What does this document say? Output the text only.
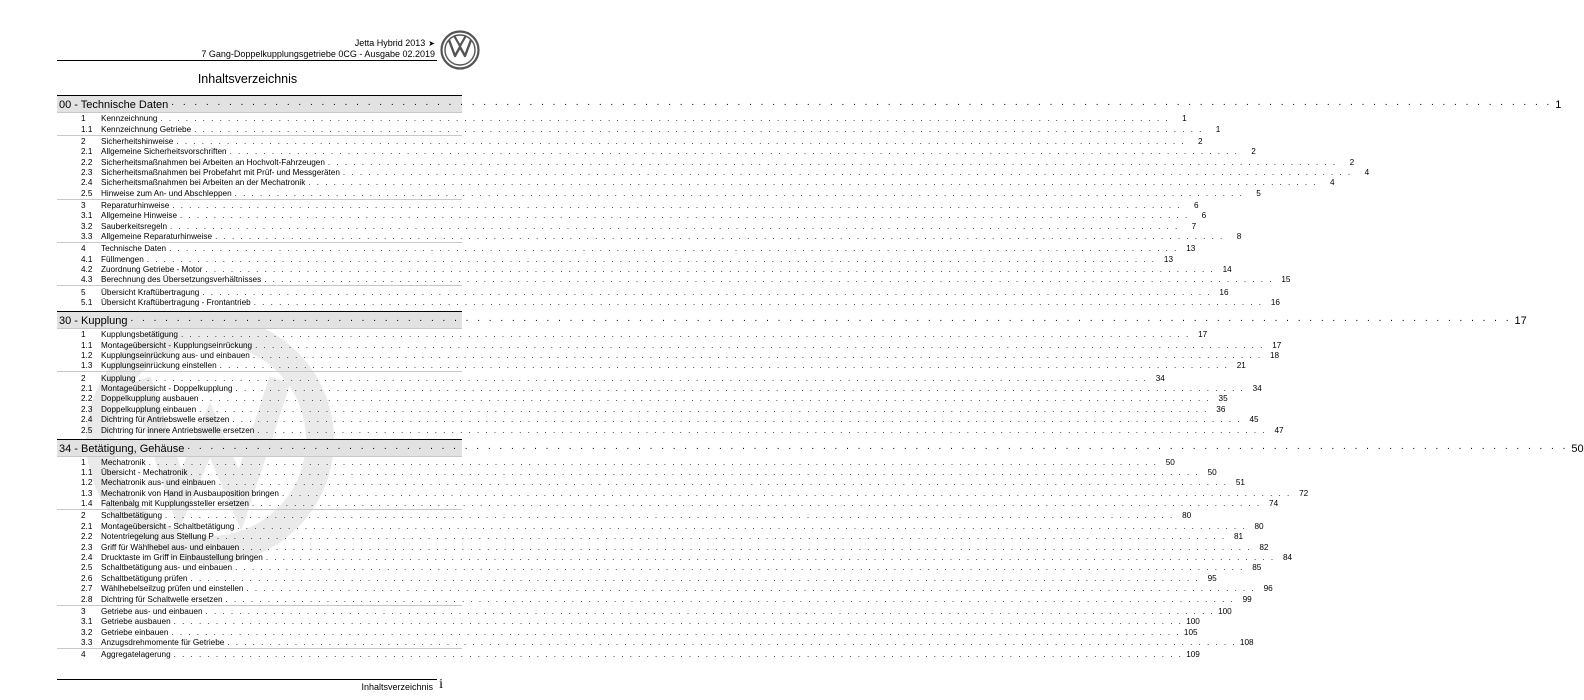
Jetta Hybrid 2013 ➤
7 Gang-Doppelkupplungsgetriebe 0CG - Ausgabe 02.2019
Inhaltsverzeichnis
00 - Technische Daten . . . . . . . . . . . . . . . . . . . . . . . . . . . . . . . . . . . . . . . . . . . . . . . . . . . . . . . . . . . . . . . . . . . . . . . . . . . . . . . . . . . . . . . . . . . . . . . . . . . . . . . . . . . . . . . . . . . . . . . . 1
1	Kennzeichnung . . . . . . . . . . . . . . . . . . . . . . . . . . . . . . . . . . . . . . . . . . . . . . . . . . . . . . . . . . . . . . . . . . . . . . . . . . . . . . . . . . . . . . . . . . . . . . . . . . . . . . . . . . . . . . . . . . . . . . . .	1
1.1	Kennzeichnung Getriebe . . . . . . . . . . . . . . . . . . . . . . . . . . . . . . . . . . . . . . . . . . . . . . . . . . . . . . . . . . . . . . . . . . . . . . . . . . . . . . . . . . . . . . . . . . . . . . . . . . . . . . . . . . . . . . . . . . . . . . . .	1
2	Sicherheitshinweise . . . . . . . . . . . . . . . . . . . . . . . . . . . . . . . . . . . . . . . . . . . . . . . . . . . . . . . . . . . . . . . . . . . . . . . . . . . . . . . . . . . . . . . . . . . . . . . . . . . . . . . . . . . . . . . . . . . . . . . .	2
2.1	Allgemeine Sicherheitsvorschriften . . . . . . . . . . . . . . . . . . . . . . . . . . . . . . . . . . . . . . . . . . . . . . . . . . . . . . . . . . . . . . . . . . . . . . . . . . . . . . . . . . . . . . . . . . . . . . . . . . . . . . . . . . . . . . . . . . . . . . . .	2
2.2	Sicherheitsmaßnahmen bei Arbeiten an Hochvolt-Fahrzeugen . . . . . . . . . . . . . . . . . . . . . . . . . . . . . . . . . . . . . . . . . . . . . . . . . . . . . . . . . . . . . . . . . . . . . . . . . . . . . . . . . . . . . . . . . . . . . . . . . . . . . . . . . . . . . . . . . . . . . . . .	2
2.3	Sicherheitsmaßnahmen bei Probefahrt mit Prüf- und Messgeräten . . . . . . . . . . . . . . . . . . . . . . . . . . . . . . . . . . . . . . . . . . . . . . . . . . . . . . . . . . . . . . . . . . . . . . . . . . . . . . . . . . . . . . . . . . . . . . . . . . . . . . . . . . . . . . . . . . . . . . . .	4
2.4	Sicherheitsmaßnahmen bei Arbeiten an der Mechatronik . . . . . . . . . . . . . . . . . . . . . . . . . . . . . . . . . . . . . . . . . . . . . . . . . . . . . . . . . . . . . . . . . . . . . . . . . . . . . . . . . . . . . . . . . . . . . . . . . . . . . . . . . . . . . . . . . . . . . . . .	4
2.5	Hinweise zum An- und Abschleppen . . . . . . . . . . . . . . . . . . . . . . . . . . . . . . . . . . . . . . . . . . . . . . . . . . . . . . . . . . . . . . . . . . . . . . . . . . . . . . . . . . . . . . . . . . . . . . . . . . . . . . . . . . . . . . . . . . . . . . . .	5
3	Reparaturhinweise . . . . . . . . . . . . . . . . . . . . . . . . . . . . . . . . . . . . . . . . . . . . . . . . . . . . . . . . . . . . . . . . . . . . . . . . . . . . . . . . . . . . . . . . . . . . . . . . . . . . . . . . . . . . . . . . . . . . . . . .	6
3.1	Allgemeine Hinweise . . . . . . . . . . . . . . . . . . . . . . . . . . . . . . . . . . . . . . . . . . . . . . . . . . . . . . . . . . . . . . . . . . . . . . . . . . . . . . . . . . . . . . . . . . . . . . . . . . . . . . . . . . . . . . . . . . . . . . . .	6
3.2	Sauberkeitsregeln . . . . . . . . . . . . . . . . . . . . . . . . . . . . . . . . . . . . . . . . . . . . . . . . . . . . . . . . . . . . . . . . . . . . . . . . . . . . . . . . . . . . . . . . . . . . . . . . . . . . . . . . . . . . . . . . . . . . . . . .	7
3.3	Allgemeine Reparaturhinweise . . . . . . . . . . . . . . . . . . . . . . . . . . . . . . . . . . . . . . . . . . . . . . . . . . . . . . . . . . . . . . . . . . . . . . . . . . . . . . . . . . . . . . . . . . . . . . . . . . . . . . . . . . . . . . . . . . . . . . . .	8
4	Technische Daten . . . . . . . . . . . . . . . . . . . . . . . . . . . . . . . . . . . . . . . . . . . . . . . . . . . . . . . . . . . . . . . . . . . . . . . . . . . . . . . . . . . . . . . . . . . . . . . . . . . . . . . . . . . . . . . . . . . . . . . . 13
4.1	Füllmengen . . . . . . . . . . . . . . . . . . . . . . . . . . . . . . . . . . . . . . . . . . . . . . . . . . . . . . . . . . . . . . . . . . . . . . . . . . . . . . . . . . . . . . . . . . . . . . . . . . . . . . . . . . . . . . . . . . . . . . . . 13
4.2	Zuordnung Getriebe - Motor . . . . . . . . . . . . . . . . . . . . . . . . . . . . . . . . . . . . . . . . . . . . . . . . . . . . . . . . . . . . . . . . . . . . . . . . . . . . . . . . . . . . . . . . . . . . . . . . . . . . . . . . . . . . . . . . . . . . . . . . 14
4.3	Berechnung des Übersetzungsverhältnisses . . . . . . . . . . . . . . . . . . . . . . . . . . . . . . . . . . . . . . . . . . . . . . . . . . . . . . . . . . . . . . . . . . . . . . . . . . . . . . . . . . . . . . . . . . . . . . . . . . . . . . . . . . . . . . . . . . . . . . . . 15
5	Übersicht Kraftübertragung . . . . . . . . . . . . . . . . . . . . . . . . . . . . . . . . . . . . . . . . . . . . . . . . . . . . . . . . . . . . . . . . . . . . . . . . . . . . . . . . . . . . . . . . . . . . . . . . . . . . . . . . . . . . . . . . . . . . . . . . 16
5.1	Übersicht Kraftübertragung - Frontantrieb . . . . . . . . . . . . . . . . . . . . . . . . . . . . . . . . . . . . . . . . . . . . . . . . . . . . . . . . . . . . . . . . . . . . . . . . . . . . . . . . . . . . . . . . . . . . . . . . . . . . . . . . . . . . . . . . . . . . . . . . 16
30 - Kupplung . . . . . . . . . . . . . . . . . . . . . . . . . . . . . . . . . . . . . . . . . . . . . . . . . . . . . . . . . . . . . . . . . . . . . . . . . . . . . . . . . . . . . . . . . . . . . . . . . . . . . . . . . . . . . . . . . . . . . . . . 17
1	Kupplungsbetätigung . . . . . . . . . . . . . . . . . . . . . . . . . . . . . . . . . . . . . . . . . . . . . . . . . . . . . . . . . . . . . . . . . . . . . . . . . . . . . . . . . . . . . . . . . . . . . . . . . . . . . . . . . . . . . . . . . . . . . . . . 17
1.1	Montageübersicht - Kupplungseinrückung . . . . . . . . . . . . . . . . . . . . . . . . . . . . . . . . . . . . . . . . . . . . . . . . . . . . . . . . . . . . . . . . . . . . . . . . . . . . . . . . . . . . . . . . . . . . . . . . . . . . . . . . . . . . . . . . . . . . . . . . 17
1.2	Kupplungseinrückung aus- und einbauen . . . . . . . . . . . . . . . . . . . . . . . . . . . . . . . . . . . . . . . . . . . . . . . . . . . . . . . . . . . . . . . . . . . . . . . . . . . . . . . . . . . . . . . . . . . . . . . . . . . . . . . . . . . . . . . . . . . . . . . . 18
1.3	Kupplungseinrückung einstellen . . . . . . . . . . . . . . . . . . . . . . . . . . . . . . . . . . . . . . . . . . . . . . . . . . . . . . . . . . . . . . . . . . . . . . . . . . . . . . . . . . . . . . . . . . . . . . . . . . . . . . . . . . . . . . . . . . . . . . . . 21
2	Kupplung . . . . . . . . . . . . . . . . . . . . . . . . . . . . . . . . . . . . . . . . . . . . . . . . . . . . . . . . . . . . . . . . . . . . . . . . . . . . . . . . . . . . . . . . . . . . . . . . . . . . . . . . . . . . . . . . . . . . . . . . 34
2.1	Montageübersicht - Doppelkupplung . . . . . . . . . . . . . . . . . . . . . . . . . . . . . . . . . . . . . . . . . . . . . . . . . . . . . . . . . . . . . . . . . . . . . . . . . . . . . . . . . . . . . . . . . . . . . . . . . . . . . . . . . . . . . . . . . . . . . . . . 34
2.2	Doppelkupplung ausbauen . . . . . . . . . . . . . . . . . . . . . . . . . . . . . . . . . . . . . . . . . . . . . . . . . . . . . . . . . . . . . . . . . . . . . . . . . . . . . . . . . . . . . . . . . . . . . . . . . . . . . . . . . . . . . . . . . . . . . . . . 35
2.3	Doppelkupplung einbauen . . . . . . . . . . . . . . . . . . . . . . . . . . . . . . . . . . . . . . . . . . . . . . . . . . . . . . . . . . . . . . . . . . . . . . . . . . . . . . . . . . . . . . . . . . . . . . . . . . . . . . . . . . . . . . . . . . . . . . . . 36
2.4	Dichtring für Antriebswelle ersetzen . . . . . . . . . . . . . . . . . . . . . . . . . . . . . . . . . . . . . . . . . . . . . . . . . . . . . . . . . . . . . . . . . . . . . . . . . . . . . . . . . . . . . . . . . . . . . . . . . . . . . . . . . . . . . . . . . . . . . . . . 45
2.5	Dichtring für innere Antriebswelle ersetzen . . . . . . . . . . . . . . . . . . . . . . . . . . . . . . . . . . . . . . . . . . . . . . . . . . . . . . . . . . . . . . . . . . . . . . . . . . . . . . . . . . . . . . . . . . . . . . . . . . . . . . . . . . . . . . . . . . . . . . . . 47
34 - Betätigung, Gehäuse . . . . . . . . . . . . . . . . . . . . . . . . . . . . . . . . . . . . . . . . . . . . . . . . . . . . . . . . . . . . . . . . . . . . . . . . . . . . . . . . . . . . . . . . . . . . . . . . . . . . . . . . . . . . . . . . . . . . . . . . 50
1	Mechatronik . . . . . . . . . . . . . . . . . . . . . . . . . . . . . . . . . . . . . . . . . . . . . . . . . . . . . . . . . . . . . . . . . . . . . . . . . . . . . . . . . . . . . . . . . . . . . . . . . . . . . . . . . . . . . . . . . . . . . . . . 50
1.1	Übersicht - Mechatronik . . . . . . . . . . . . . . . . . . . . . . . . . . . . . . . . . . . . . . . . . . . . . . . . . . . . . . . . . . . . . . . . . . . . . . . . . . . . . . . . . . . . . . . . . . . . . . . . . . . . . . . . . . . . . . . . . . . . . . . . 50
1.2	Mechatronik aus- und einbauen . . . . . . . . . . . . . . . . . . . . . . . . . . . . . . . . . . . . . . . . . . . . . . . . . . . . . . . . . . . . . . . . . . . . . . . . . . . . . . . . . . . . . . . . . . . . . . . . . . . . . . . . . . . . . . . . . . . . . . . . 51
1.3	Mechatronik von Hand in Ausbauposition bringen . . . . . . . . . . . . . . . . . . . . . . . . . . . . . . . . . . . . . . . . . . . . . . . . . . . . . . . . . . . . . . . . . . . . . . . . . . . . . . . . . . . . . . . . . . . . . . . . . . . . . . . . . . . . . . . . . . . . . . . . 72
1.4	Faltenbalg mit Kupplungssteller ersetzen . . . . . . . . . . . . . . . . . . . . . . . . . . . . . . . . . . . . . . . . . . . . . . . . . . . . . . . . . . . . . . . . . . . . . . . . . . . . . . . . . . . . . . . . . . . . . . . . . . . . . . . . . . . . . . . . . . . . . . . . 74
2	Schaltbetätigung . . . . . . . . . . . . . . . . . . . . . . . . . . . . . . . . . . . . . . . . . . . . . . . . . . . . . . . . . . . . . . . . . . . . . . . . . . . . . . . . . . . . . . . . . . . . . . . . . . . . . . . . . . . . . . . . . . . . . . . . 80
2.1	Montageübersicht - Schaltbetätigung . . . . . . . . . . . . . . . . . . . . . . . . . . . . . . . . . . . . . . . . . . . . . . . . . . . . . . . . . . . . . . . . . . . . . . . . . . . . . . . . . . . . . . . . . . . . . . . . . . . . . . . . . . . . . . . . . . . . . . . . 80
2.2	Notentriegelung aus Stellung P . . . . . . . . . . . . . . . . . . . . . . . . . . . . . . . . . . . . . . . . . . . . . . . . . . . . . . . . . . . . . . . . . . . . . . . . . . . . . . . . . . . . . . . . . . . . . . . . . . . . . . . . . . . . . . . . . . . . . . . . 81
2.3	Griff für Wählhebel aus- und einbauen . . . . . . . . . . . . . . . . . . . . . . . . . . . . . . . . . . . . . . . . . . . . . . . . . . . . . . . . . . . . . . . . . . . . . . . . . . . . . . . . . . . . . . . . . . . . . . . . . . . . . . . . . . . . . . . . . . . . . . . . 82
2.4	Drucktaste im Griff in Einbaustellung bringen . . . . . . . . . . . . . . . . . . . . . . . . . . . . . . . . . . . . . . . . . . . . . . . . . . . . . . . . . . . . . . . . . . . . . . . . . . . . . . . . . . . . . . . . . . . . . . . . . . . . . . . . . . . . . . . . . . . . . . . . 84
2.5	Schaltbetätigung aus- und einbauen . . . . . . . . . . . . . . . . . . . . . . . . . . . . . . . . . . . . . . . . . . . . . . . . . . . . . . . . . . . . . . . . . . . . . . . . . . . . . . . . . . . . . . . . . . . . . . . . . . . . . . . . . . . . . . . . . . . . . . . . 85
2.6	Schaltbetätigung prüfen . . . . . . . . . . . . . . . . . . . . . . . . . . . . . . . . . . . . . . . . . . . . . . . . . . . . . . . . . . . . . . . . . . . . . . . . . . . . . . . . . . . . . . . . . . . . . . . . . . . . . . . . . . . . . . . . . . . . . . . . 95
2.7	Wählhebelseilzug prüfen und einstellen . . . . . . . . . . . . . . . . . . . . . . . . . . . . . . . . . . . . . . . . . . . . . . . . . . . . . . . . . . . . . . . . . . . . . . . . . . . . . . . . . . . . . . . . . . . . . . . . . . . . . . . . . . . . . . . . . . . . . . . . 96
2.8	Dichtring für Schaltwelle ersetzen . . . . . . . . . . . . . . . . . . . . . . . . . . . . . . . . . . . . . . . . . . . . . . . . . . . . . . . . . . . . . . . . . . . . . . . . . . . . . . . . . . . . . . . . . . . . . . . . . . . . . . . . . . . . . . . . . . . . . . . . 99
3	Getriebe aus- und einbauen . . . . . . . . . . . . . . . . . . . . . . . . . . . . . . . . . . . . . . . . . . . . . . . . . . . . . . . . . . . . . . . . . . . . . . . . . . . . . . . . . . . . . . . . . . . . . . . . . . . . . . . . . . . . . . . . . . . . . . . . 100
3.1	Getriebe ausbauen . . . . . . . . . . . . . . . . . . . . . . . . . . . . . . . . . . . . . . . . . . . . . . . . . . . . . . . . . . . . . . . . . . . . . . . . . . . . . . . . . . . . . . . . . . . . . . . . . . . . . . . . . . . . . . . . . . . . . . . . 100
3.2	Getriebe einbauen . . . . . . . . . . . . . . . . . . . . . . . . . . . . . . . . . . . . . . . . . . . . . . . . . . . . . . . . . . . . . . . . . . . . . . . . . . . . . . . . . . . . . . . . . . . . . . . . . . . . . . . . . . . . . . . . . . . . . . . . 105
3.3	Anzugsdrehmomente für Getriebe . . . . . . . . . . . . . . . . . . . . . . . . . . . . . . . . . . . . . . . . . . . . . . . . . . . . . . . . . . . . . . . . . . . . . . . . . . . . . . . . . . . . . . . . . . . . . . . . . . . . . . . . . . . . . . . . . . . . . . . . 108
4	Aggregatelagerung . . . . . . . . . . . . . . . . . . . . . . . . . . . . . . . . . . . . . . . . . . . . . . . . . . . . . . . . . . . . . . . . . . . . . . . . . . . . . . . . . . . . . . . . . . . . . . . . . . . . . . . . . . . . . . . . . . . . . . . . 109
Inhaltsverzeichnis i
